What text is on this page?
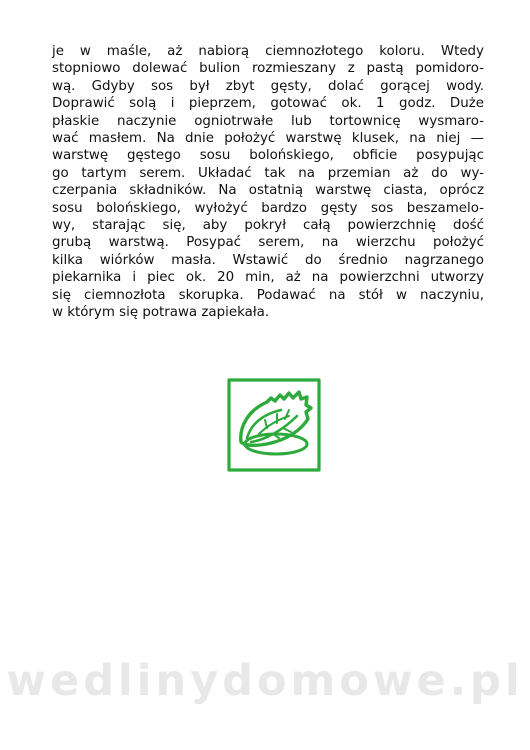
je w maśle, aż nabiorą ciemnozłotego koloru. Wtedy
stopniowo dolewać bulion rozmieszany z pastą pomidoro-
wą. Gdyby sos był zbyt gęsty, dolać gorącej wody.
Doprawić solą i pieprzem, gotować ok. 1 godz. Duże
płaskie naczynie ogniotrwałe lub tortownicę wysmaro-
wać masłem. Na dnie położyć warstwę klusek, na niej —
warstwę gęstego sosu bolońskiego, obficie posypując
go tartym serem. Układać tak na przemian aż do wy-
czerpania składników. Na ostatnią warstwę ciasta, oprócz
sosu bolońskiego, wyłożyć bardzo gęsty sos beszamelo-
wy, starając się, aby pokrył całą powierzchnię dość
grubą warstwą. Posypać serem, na wierzchu położyć
kilka wiórków masła. Wstawić do średnio nagrzanego
piekarnika i piec ok. 20 min, aż na powierzchni utworzy
się ciemnozłota skorupka. Podawać na stół w naczyniu,
w którym się potrawa zapiekała.
wedlinydomowe.pl
